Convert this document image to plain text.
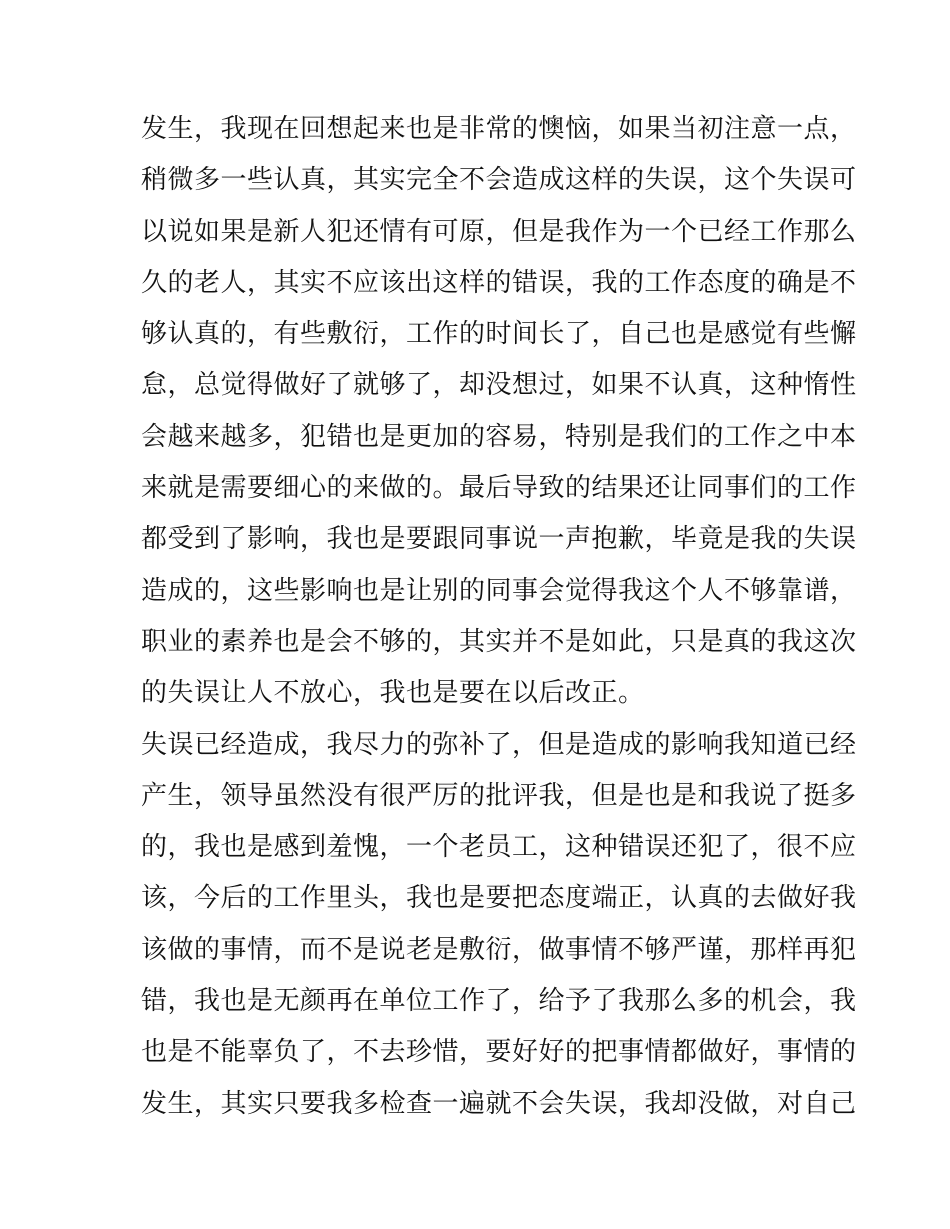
发生，我现在回想起来也是非常的懊恼，如果当初注意一点，
稍微多一些认真，其实完全不会造成这样的失误，这个失误可
以说如果是新人犯还情有可原，但是我作为一个已经工作那么
久的老人，其实不应该出这样的错误，我的工作态度的确是不
够认真的，有些敷衍，工作的时间长了，自己也是感觉有些懈
怠，总觉得做好了就够了，却没想过，如果不认真，这种惰性
会越来越多，犯错也是更加的容易，特别是我们的工作之中本
来就是需要细心的来做的。最后导致的结果还让同事们的工作
都受到了影响，我也是要跟同事说一声抱歉，毕竟是我的失误
造成的，这些影响也是让别的同事会觉得我这个人不够靠谱，
职业的素养也是会不够的，其实并不是如此，只是真的我这次
的失误让人不放心，我也是要在以后改正。
失误已经造成，我尽力的弥补了，但是造成的影响我知道已经
产生，领导虽然没有很严厉的批评我，但是也是和我说了挺多
的，我也是感到羞愧，一个老员工，这种错误还犯了，很不应
该，今后的工作里头，我也是要把态度端正，认真的去做好我
该做的事情，而不是说老是敷衍，做事情不够严谨，那样再犯
错，我也是无颜再在单位工作了，给予了我那么多的机会，我
也是不能辜负了，不去珍惜，要好好的把事情都做好，事情的
发生，其实只要我多检查一遍就不会失误，我却没做，对自己
